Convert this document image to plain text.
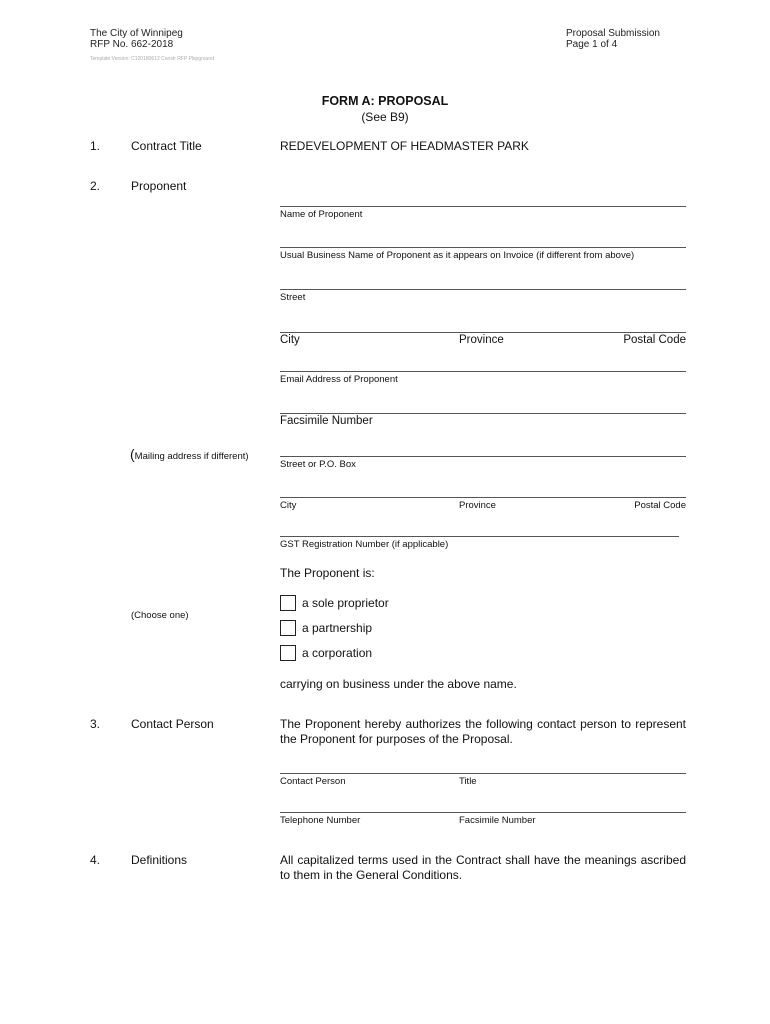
The City of Winnipeg
RFP No. 662-2018
Proposal Submission
Page 1 of 4
Template Version: C120180612 Constr RFP Playground
FORM A: PROPOSAL
(See B9)
1.	Contract Title	REDEVELOPMENT OF HEADMASTER PARK
2.	Proponent
Name of Proponent
Usual Business Name of Proponent as it appears on Invoice (if different from above)
Street
City	Province	Postal Code
Email Address of Proponent
Facsimile Number
(Mailing address if different)
Street or P.O. Box
City	Province	Postal Code
GST Registration Number (if applicable)
The Proponent is:
(Choose one)
a sole proprietor
a partnership
a corporation
carrying on business under the above name.
3.	Contact Person	The Proponent hereby authorizes the following contact person to represent the Proponent for purposes of the Proposal.
Contact Person	Title
Telephone Number	Facsimile Number
4.	Definitions	All capitalized terms used in the Contract shall have the meanings ascribed to them in the General Conditions.
